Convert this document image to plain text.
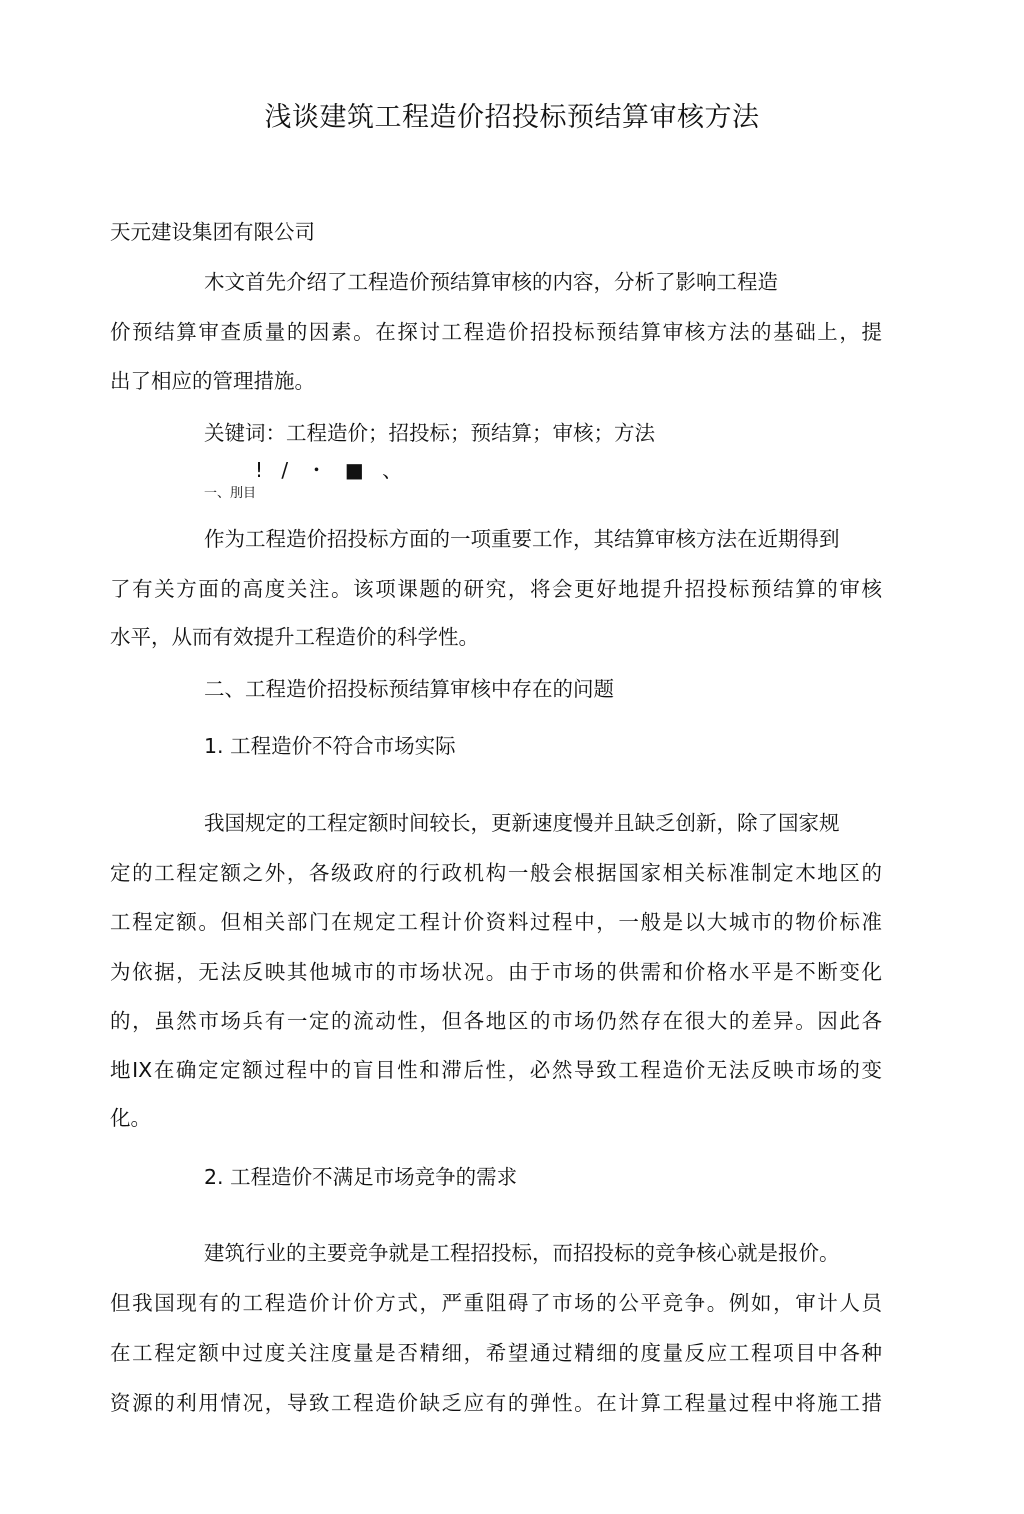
浅谈建筑工程造价招投标预结算审核方法
天元建设集团有限公司
木文首先介绍了工程造价预结算审核的内容，分析了影响工程造
价预结算审查质量的因素。在探讨工程造价招投标预结算审核方法的基础上，提
出了相应的管理措施。
关键词：工程造价；招投标；预结算；审核；方法
! / ・ ■ 、
一、刖目
作为工程造价招投标方面的一项重要工作，其结算审核方法在近期得到
了有关方面的高度关注。该项课题的研究，将会更好地提升招投标预结算的审核
水平，从而有效提升工程造价的科学性。
二、工程造价招投标预结算审核中存在的问题
1. 工程造价不符合市场实际
我国规定的工程定额时间较长，更新速度慢并且缺乏创新，除了国家规
定的工程定额之外，各级政府的行政机构一般会根据国家相关标准制定木地区的
工程定额。但相关部门在规定工程计价资料过程中，一般是以大城市的物价标准
为依据，无法反映其他城市的市场状况。由于市场的供需和价格水平是不断变化
的，虽然市场兵有一定的流动性，但各地区的市场仍然存在很大的差异。因此各
地IX在确定定额过程中的盲目性和滞后性，必然导致工程造价无法反映市场的变
化。
2. 工程造价不满足市场竞争的需求
建筑行业的主要竞争就是工程招投标，而招投标的竞争核心就是报价。
但我国现有的工程造价计价方式，严重阻碍了市场的公平竞争。例如，审计人员
在工程定额中过度关注度量是否精细，希望通过精细的度量反应工程项目中各种
资源的利用情况，导致工程造价缺乏应有的弹性。在计算工程量过程中将施工措
